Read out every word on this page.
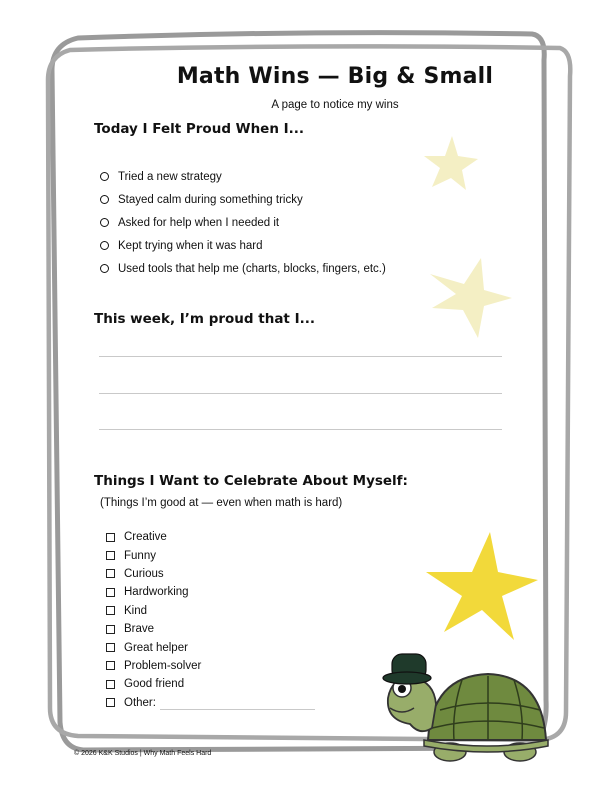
Math Wins — Big & Small
A page to notice my wins
Today I Felt Proud When I...
Tried a new strategy
Stayed calm during something tricky
Asked for help when I needed it
Kept trying when it was hard
Used tools that help me (charts, blocks, fingers, etc.)
This week, I’m proud that I...
Things I Want to Celebrate About Myself:
(Things I’m good at — even when math is hard)
Creative
Funny
Curious
Hardworking
Kind
Brave
Great helper
Problem-solver
Good friend
Other:
© 2026 K&K Studios | Why Math Feels Hard
